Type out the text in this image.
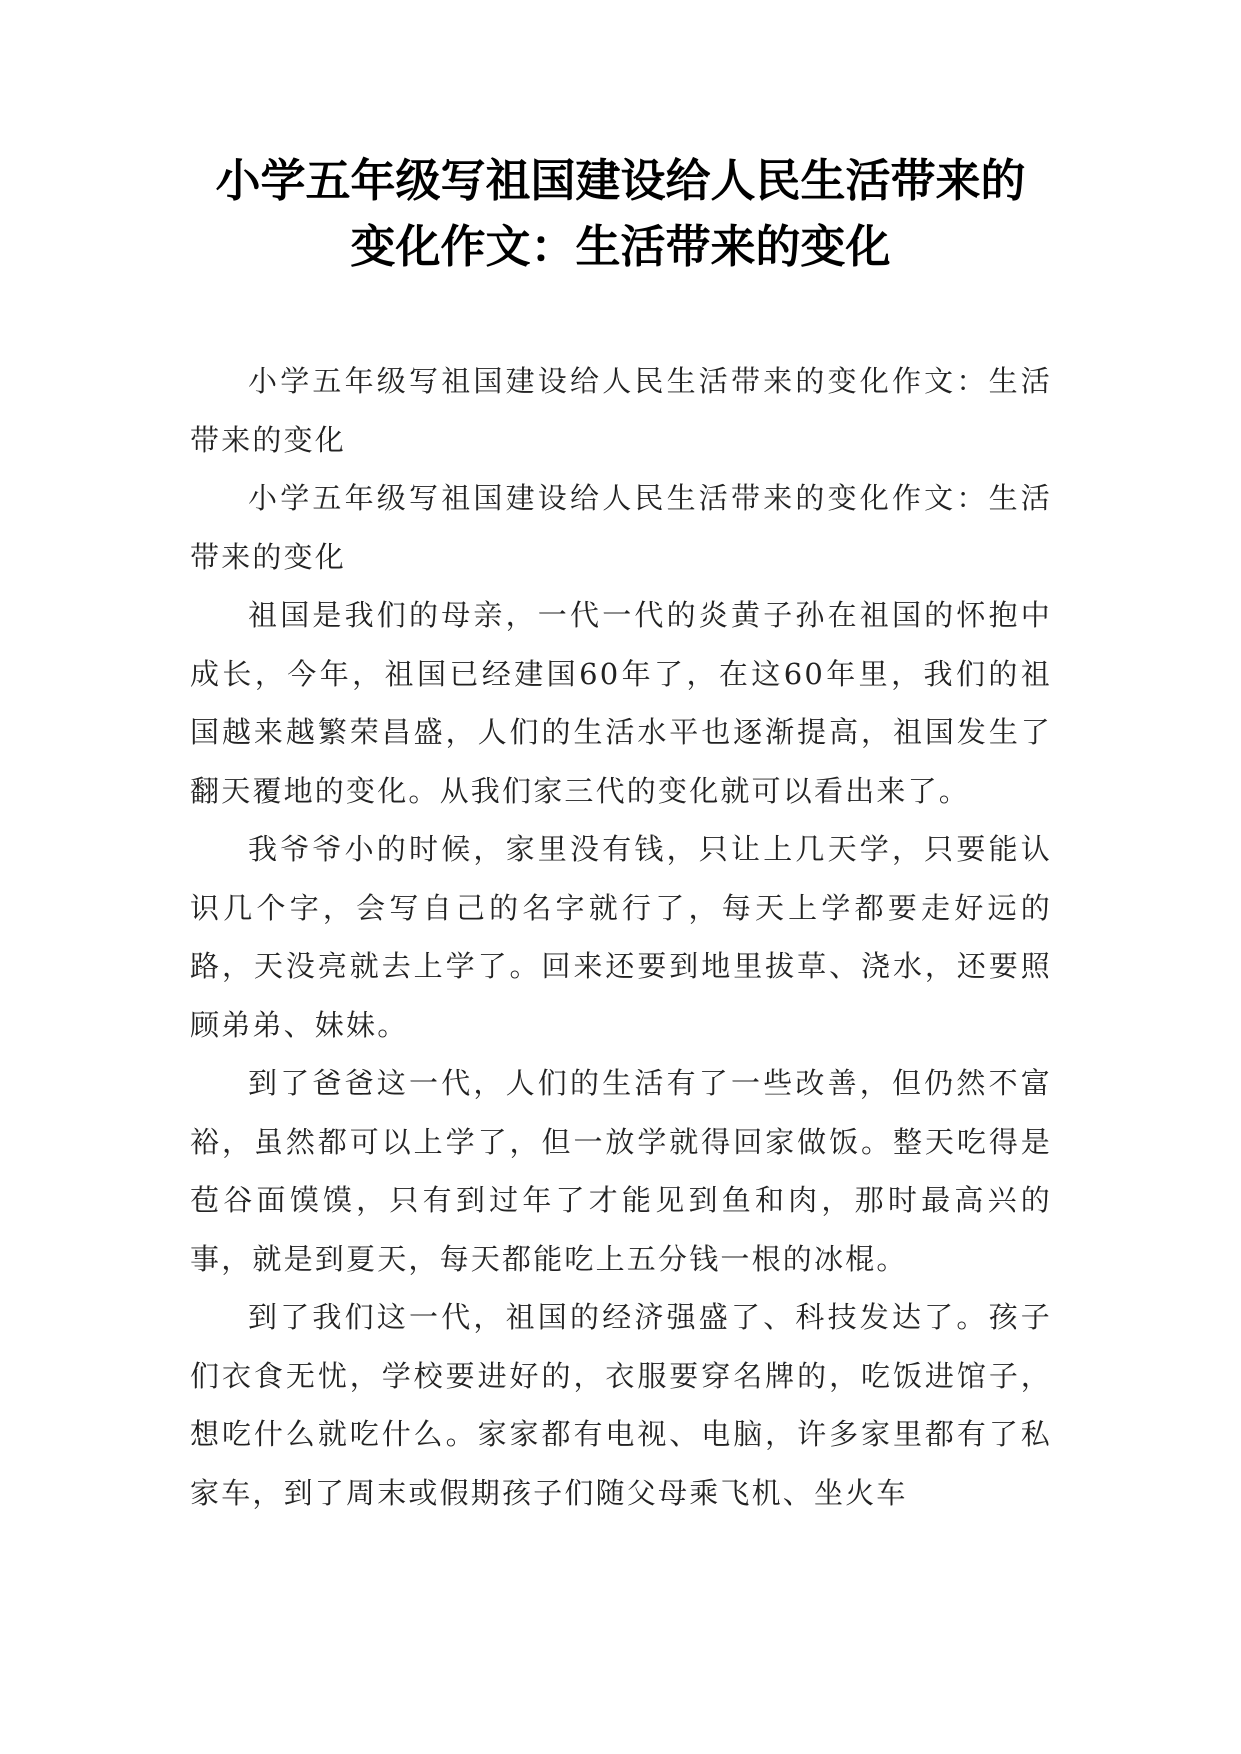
小学五年级写祖国建设给人民生活带来的
变化作文：生活带来的变化

小学五年级写祖国建设给人民生活带来的变化作文：生活带来的变化

小学五年级写祖国建设给人民生活带来的变化作文：生活带来的变化

祖国是我们的母亲，一代一代的炎黄子孙在祖国的怀抱中成长，今年，祖国已经建国60年了，在这60年里，我们的祖国越来越繁荣昌盛，人们的生活水平也逐渐提高，祖国发生了翻天覆地的变化。从我们家三代的变化就可以看出来了。

我爷爷小的时候，家里没有钱，只让上几天学，只要能认识几个字，会写自己的名字就行了，每天上学都要走好远的路，天没亮就去上学了。回来还要到地里拔草、浇水，还要照顾弟弟、妹妹。

到了爸爸这一代，人们的生活有了一些改善，但仍然不富裕，虽然都可以上学了，但一放学就得回家做饭。整天吃得是苞谷面馍馍，只有到过年了才能见到鱼和肉，那时最高兴的事，就是到夏天，每天都能吃上五分钱一根的冰棍。

到了我们这一代，祖国的经济强盛了、科技发达了。孩子们衣食无忧，学校要进好的，衣服要穿名牌的，吃饭进馆子，想吃什么就吃什么。家家都有电视、电脑，许多家里都有了私家车，到了周末或假期孩子们随父母乘飞机、坐火车
